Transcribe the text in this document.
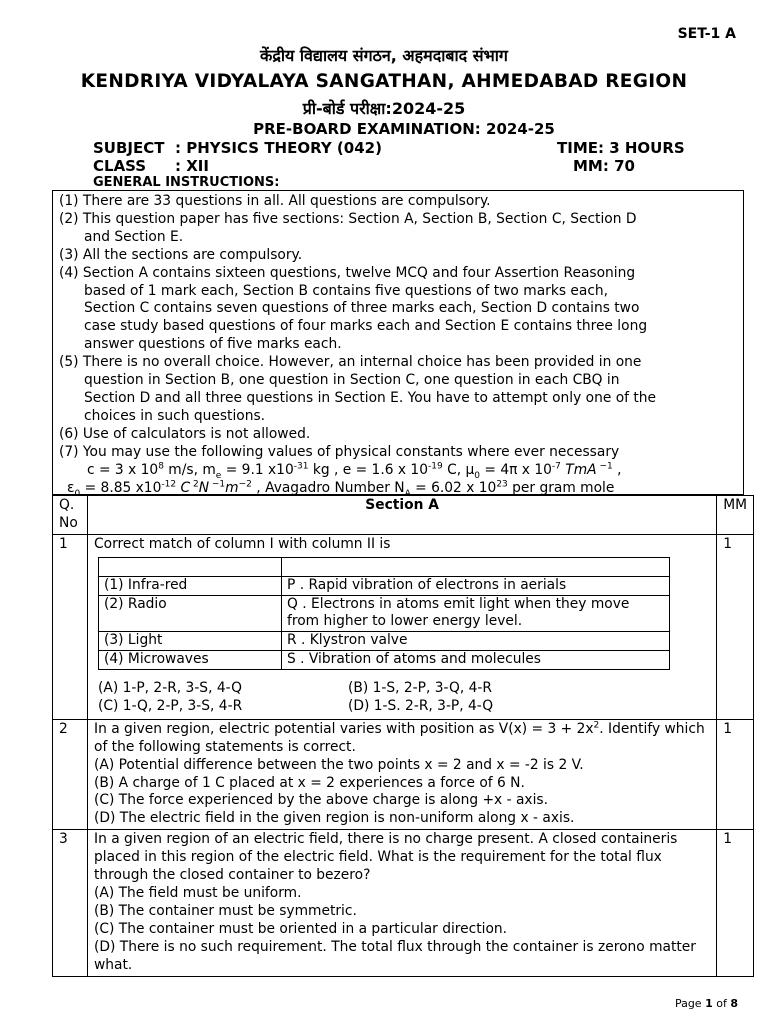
SET-1 A
केंद्रीय विद्यालय संगठन, अहमदाबाद संभाग
KENDRIYA VIDYALAYA SANGATHAN, AHMEDABAD REGION
प्री-बोर्ड परीक्षा:2024-25
PRE-BOARD EXAMINATION: 2024-25
SUBJECT : PHYSICS THEORY (042)	TIME: 3 HOURS
CLASS : XII	MM: 70
GENERAL INSTRUCTIONS:

(1) There are 33 questions in all. All questions are compulsory.

(2) This question paper has five sections: Section A, Section B, Section C, Section D

and Section E.

(3) All the sections are compulsory.

(4) Section A contains sixteen questions, twelve MCQ and four Assertion Reasoning

based of 1 mark each, Section B contains five questions of two marks each,

Section C contains seven questions of three marks each, Section D contains two

case study based questions of four marks each and Section E contains three long

answer questions of five marks each.

(5) There is no overall choice. However, an internal choice has been provided in one

question in Section B, one question in Section C, one question in each CBQ in

Section D and all three questions in Section E. You have to attempt only one of the

choices in such questions.

(6) Use of calculators is not allowed.

(7) You may use the following values of physical constants where ever necessary

c = 3 x $10^8$ m/s, $m_e = 9.1$ $x10^{-31}$ kg , e = 1.6 x $10^{-19}$ C, $\mu_0 = 4\pi$ x $10^{-7}$ TmA $^{-1}$ ,

$\varepsilon_0 = 8.85$ $x10^{-12}$ C $^2$N $^{-1}m^{-2}$ , Avagadro Number $N_A = 6.02$ x $10^{23}$ per gram mole

Q. No	Section A	MM
1	Correct match of column I with column II is

(1) Infra-red	P . Rapid vibration of electrons in aerials
(2) Radio	Q . Electrons in atoms emit light when they move from higher to lower energy level.
(3) Light	R . Klystron valve
(4) Microwaves	S . Vibration of atoms and molecules
(A) 1-P, 2-R, 3-S, 4-Q	(B) 1-S, 2-P, 3-Q, 4-R
(C) 1-Q, 2-P, 3-S, 4-R	(D) 1-S. 2-R, 3-P, 4-Q
	1
2	In a given region, electric potential varies with position as $V(x) = 3 + 2x^2$. Identify which of the following statements is correct.

(A) Potential difference between the two points x = 2 and x = -2 is 2 V.

(B) A charge of 1 C placed at x = 2 experiences a force of 6 N.

(C) The force experienced by the above charge is along +x - axis.

(D) The electric field in the given region is non-uniform along x - axis.

	1
3	In a given region of an electric field, there is no charge present. A closed containeris placed in this region of the electric field. What is the requirement for the total flux through the closed container to bezero?

(A) The field must be uniform.

(B) The container must be symmetric.

(C) The container must be oriented in a particular direction.

(D) There is no such requirement. The total flux through the container is zerono matter what.

	1
Page 1 of 8
